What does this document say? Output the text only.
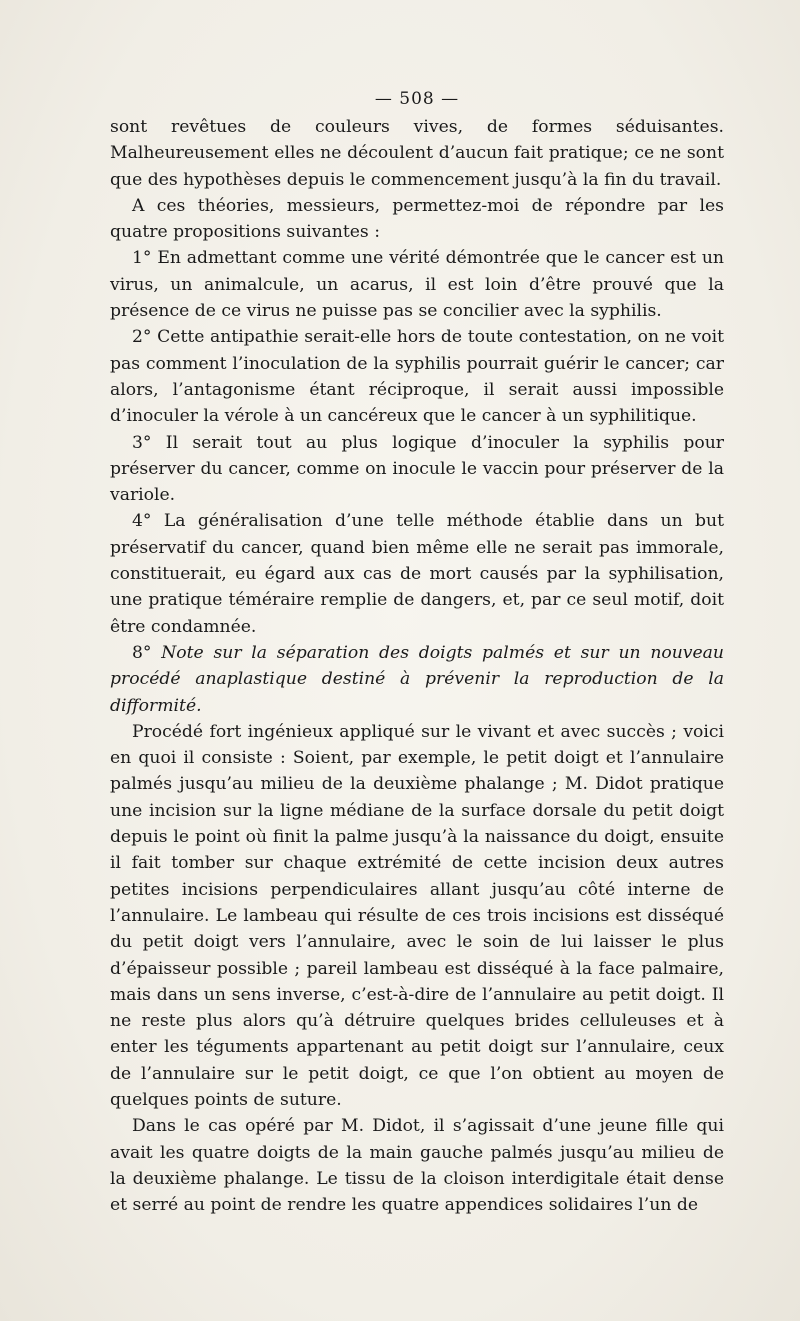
— 508 —

sont revêtues de couleurs vives, de formes séduisantes. Malheureusement elles ne découlent d’aucun fait pratique; ce ne sont que des hypothèses depuis le commencement jusqu’à la fin du travail.

A ces théories, messieurs, permettez-moi de répondre par les quatre propositions suivantes :

1° En admettant comme une vérité démontrée que le cancer est un virus, un animalcule, un acarus, il est loin d’être prouvé que la présence de ce virus ne puisse pas se concilier avec la syphilis.

2° Cette antipathie serait-elle hors de toute contestation, on ne voit pas comment l’inoculation de la syphilis pourrait guérir le cancer; car alors, l’antagonisme étant réciproque, il serait aussi impossible d’inoculer la vérole à un cancéreux que le cancer à un syphilitique.

3° Il serait tout au plus logique d’inoculer la syphilis pour préserver du cancer, comme on inocule le vaccin pour préserver de la variole.

4° La généralisation d’une telle méthode établie dans un but préservatif du cancer, quand bien même elle ne serait pas immorale, constituerait, eu égard aux cas de mort causés par la syphilisation, une pratique téméraire remplie de dangers, et, par ce seul motif, doit être condamnée.

8° Note sur la séparation des doigts palmés et sur un nouveau procédé anaplastique destiné à prévenir la reproduction de la difformité.

Procédé fort ingénieux appliqué sur le vivant et avec succès ; voici en quoi il consiste : Soient, par exemple, le petit doigt et l’annulaire palmés jusqu’au milieu de la deuxième phalange ; M. Didot pratique une incision sur la ligne médiane de la surface dorsale du petit doigt depuis le point où finit la palme jusqu’à la naissance du doigt, ensuite il fait tomber sur chaque extrémité de cette incision deux autres petites incisions perpendiculaires allant jusqu’au côté interne de l’annulaire. Le lambeau qui résulte de ces trois incisions est disséqué du petit doigt vers l’annulaire, avec le soin de lui laisser le plus d’épaisseur possible ; pareil lambeau est disséqué à la face palmaire, mais dans un sens inverse, c’est-à-dire de l’annulaire au petit doigt. Il ne reste plus alors qu’à détruire quelques brides celluleuses et à enter les téguments appartenant au petit doigt sur l’annulaire, ceux de l’annulaire sur le petit doigt, ce que l’on obtient au moyen de quelques points de suture.

Dans le cas opéré par M. Didot, il s’agissait d’une jeune fille qui avait les quatre doigts de la main gauche palmés jusqu’au milieu de la deuxième phalange. Le tissu de la cloison interdigitale était dense et serré au point de rendre les quatre appendices solidaires l’un de
